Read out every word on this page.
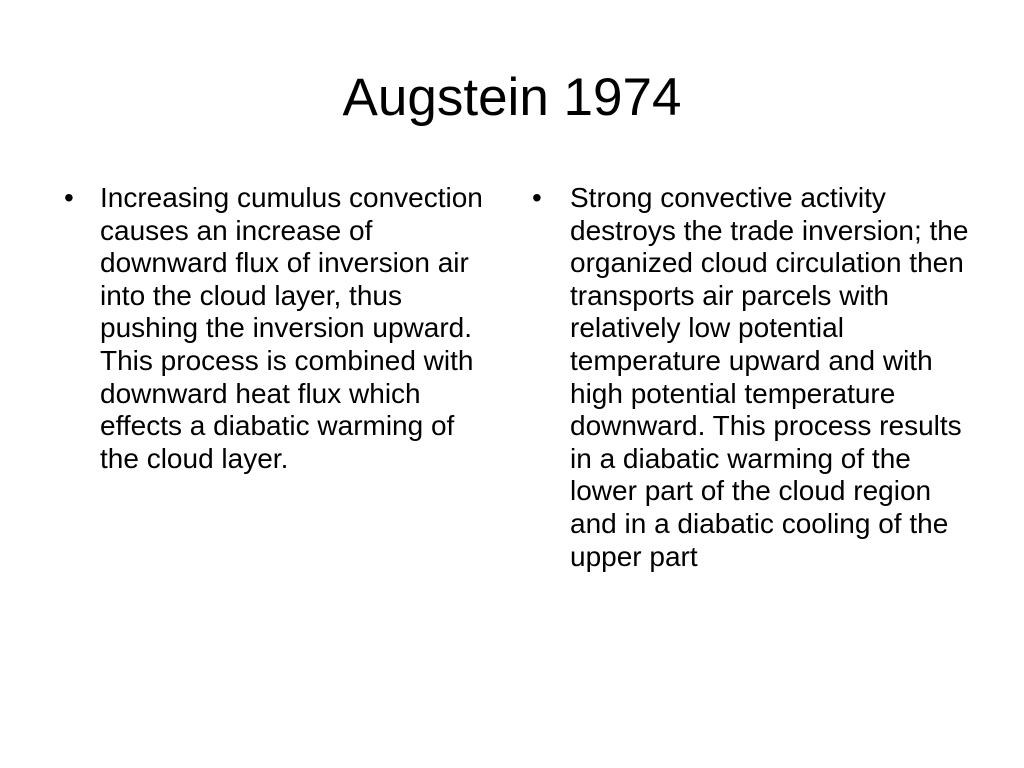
Augstein 1974
• Increasing cumulus convection causes an increase of downward flux of inversion air into the cloud layer, thus pushing the inversion upward. This process is combined with downward heat flux which effects a diabatic warming of the cloud layer.
•	Strong convective activity destroys the trade inversion; the organized cloud circulation then transports air parcels with relatively low potential temperature upward and with high potential temperature downward. This process results in a diabatic warming of the lower part of the cloud region and in a diabatic cooling of the upper part
